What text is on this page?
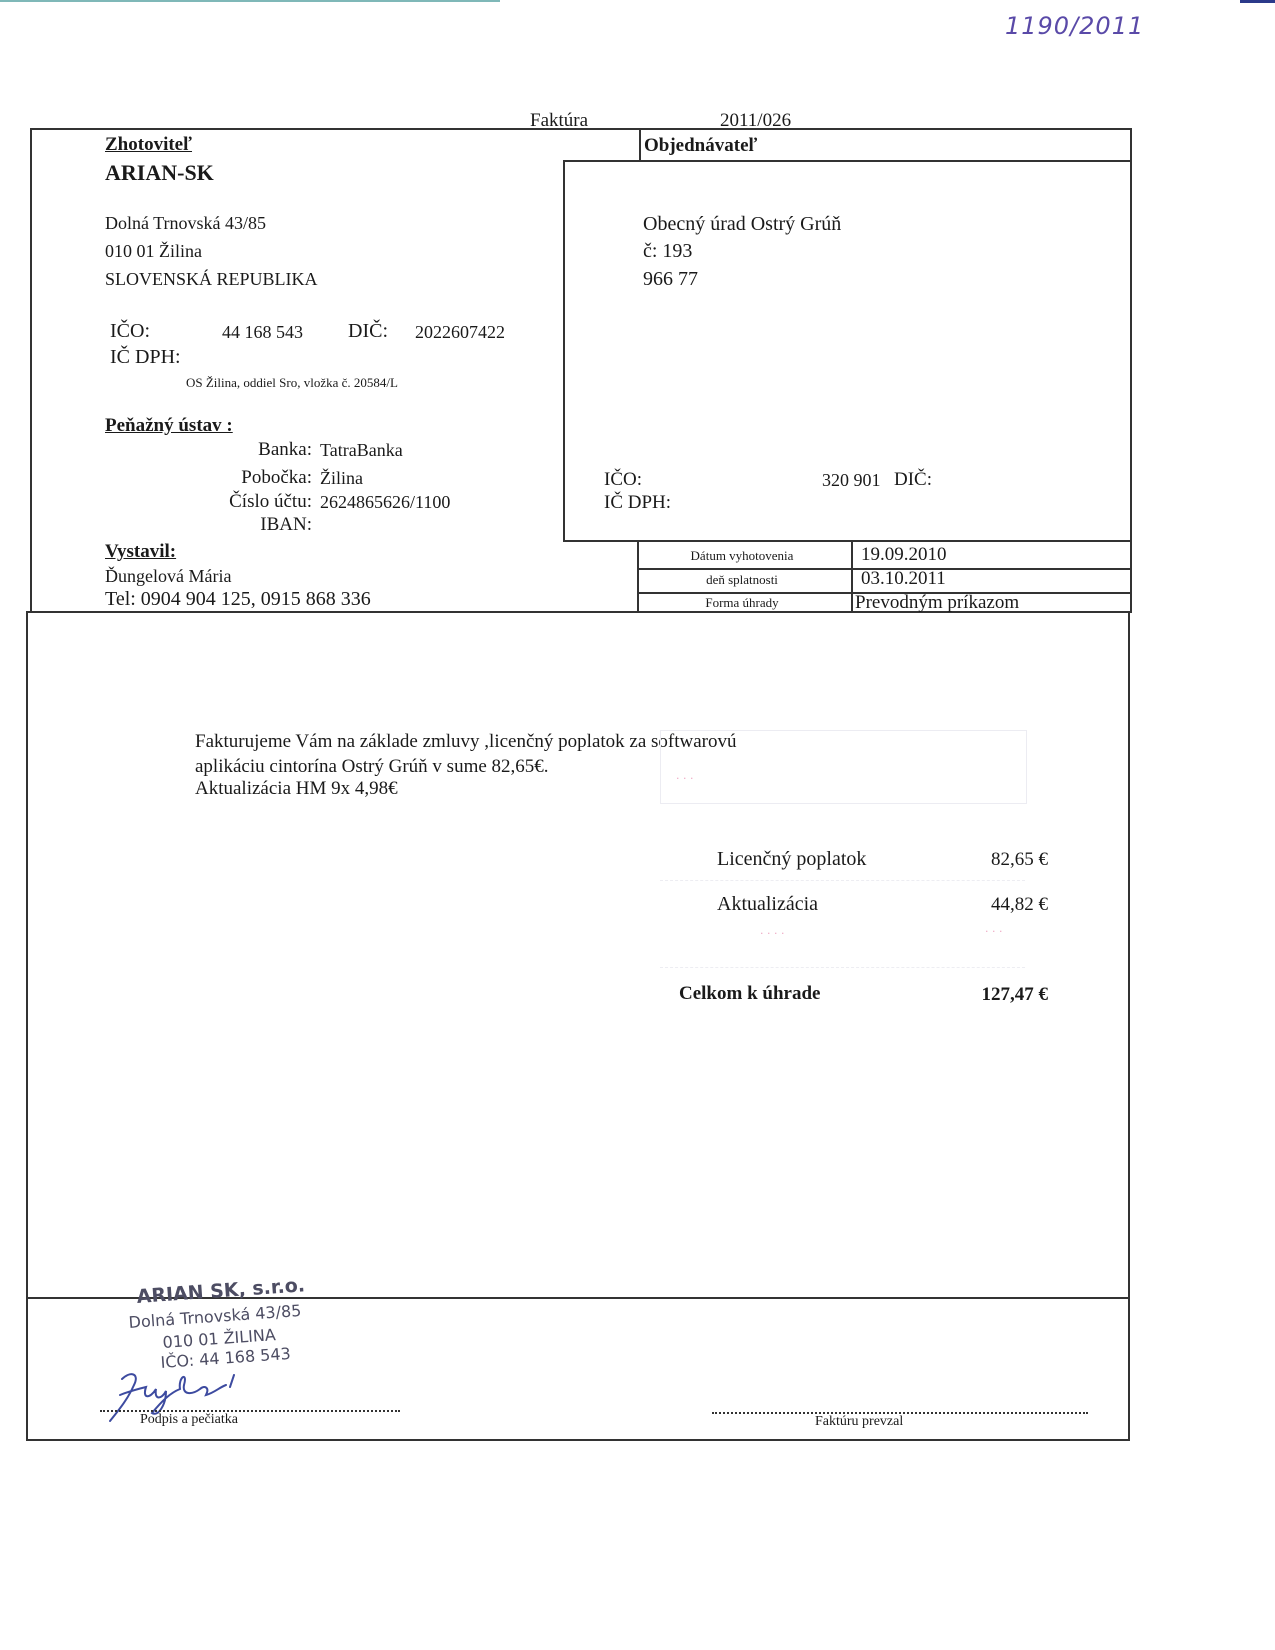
1190/2011
Faktúra	2011/026
Zhotoviteľ
ARIAN-SK
Dolná Trnovská 43/85
010 01 Žilina
SLOVENSKÁ REPUBLIKA
IČO:	44 168 543 DIČ: 2022607422
IČ DPH:
OS Žilina, oddiel Sro, vložka č. 20584/L
Peňažný ústav :
Banka: TatraBanka
Pobočka: Žilina
Číslo účtu: 2624865626/1100
IBAN:
Vystavil:
Ďungelová Mária
Tel: 0904 904 125, 0915 868 336
Objednávateľ
Obecný úrad Ostrý Grúň
č: 193
966 77
IČO:	320 901 DIČ:
IČ DPH:
Dátum vyhotovenia	19.09.2010
deň splatnosti	03.10.2011
Forma úhrady	Prevodným príkazom
Fakturujeme Vám na základe zmluvy ,licenčný poplatok za softwarovú
aplikáciu cintorína Ostrý Grúň v sume 82,65€.
Aktualizácia HM 9x 4,98€	· · ·
· · · ·	· · ·
Licenčný poplatok	82,65 €
Aktualizácia	44,82 €
Celkom k úhrade	127,47 €
ARIAN SK, s.r.o.
Dolná Trnovská 43/85
010 01 ŽILINA
IČO: 44 168 543
Podpis a pečiatka	Faktúru prevzal
